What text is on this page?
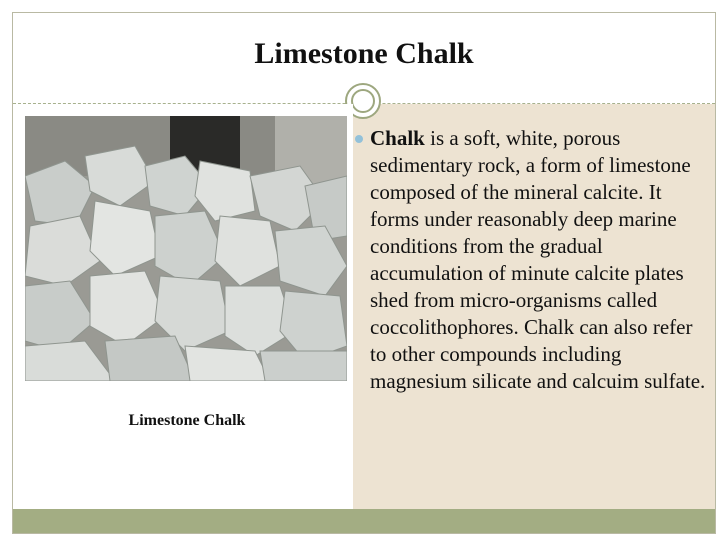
Limestone Chalk
Limestone Chalk
Chalk is a soft, white, porous sedimentary rock, a form of limestone composed of the mineral calcite. It forms under reasonably deep marine conditions from the gradual accumulation of minute calcite plates shed from micro-organisms called coccolithophores. Chalk can also refer to other compounds including magnesium silicate and calcuim sulfate.
